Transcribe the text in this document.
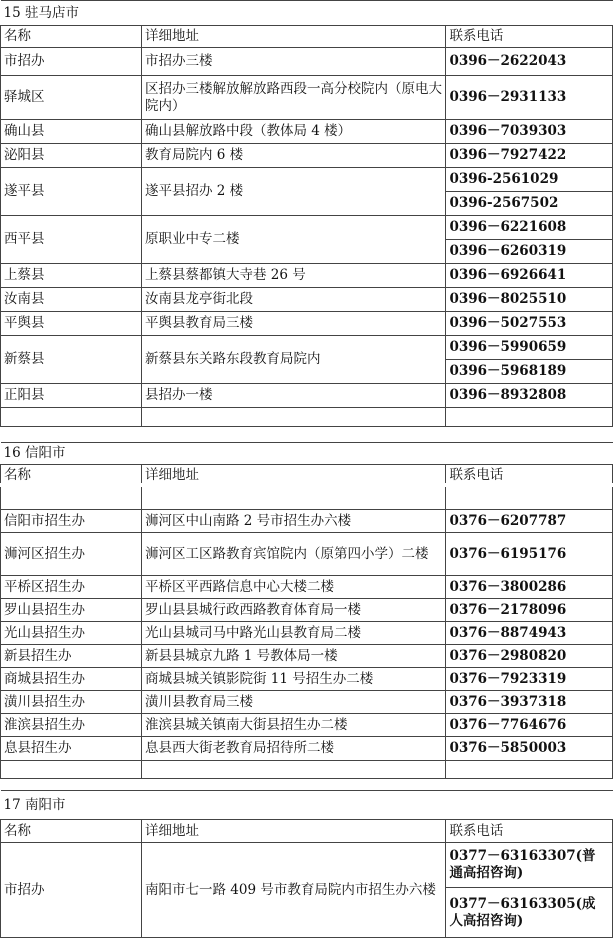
15 驻马店市		
名称	详细地址	联系电话
市招办	市招办三楼	0396－2622043
驿城区	区招办三楼解放解放路西段一高分校院内（原电大院内）	0396－2931133
确山县	确山县解放路中段（教体局 4 楼）	0396－7039303
泌阳县	教育局院内 6 楼	0396－7927422
遂平县	遂平县招办 2 楼	0396-2561029
		0396-2567502
西平县	原职业中专二楼	0396－6221608
		0396－6260319
上蔡县	上蔡县蔡都镇大寺巷 26 号	0396－6926641
汝南县	汝南县龙亭街北段	0396－8025510
平舆县	平舆县教育局三楼	0396－5027553
新蔡县	新蔡县东关路东段教育局院内	0396－5990659
		0396－5968189
正阳县	县招办一楼	0396－8932808

16 信阳市		
名称	详细地址	联系电话

信阳市招生办	浉河区中山南路 2 号市招生办六楼	0376－6207787
浉河区招生办	浉河区工区路教育宾馆院内（原第四小学）二楼	0376－6195176
平桥区招生办	平桥区平西路信息中心大楼二楼	0376－3800286
罗山县招生办	罗山县县城行政西路教育体育局一楼	0376－2178096
光山县招生办	光山县城司马中路光山县教育局二楼	0376－8874943
新县招生办	新县县城京九路 1 号教体局一楼	0376－2980820
商城县招生办	商城县城关镇影院街 11 号招生办二楼	0376－7923319
潢川县招生办	潢川县教育局三楼	0376－3937318
淮滨县招生办	淮滨县城关镇南大街县招生办二楼	0376－7764676
息县招生办	息县西大街老教育局招待所二楼	0376－5850003

17 南阳市		
名称	详细地址	联系电话
市招办	南阳市七一路 409 号市教育局院内市招生办六楼	0377－63163307(普通高招咨询)
		0377－63163305(成人高招咨询)
